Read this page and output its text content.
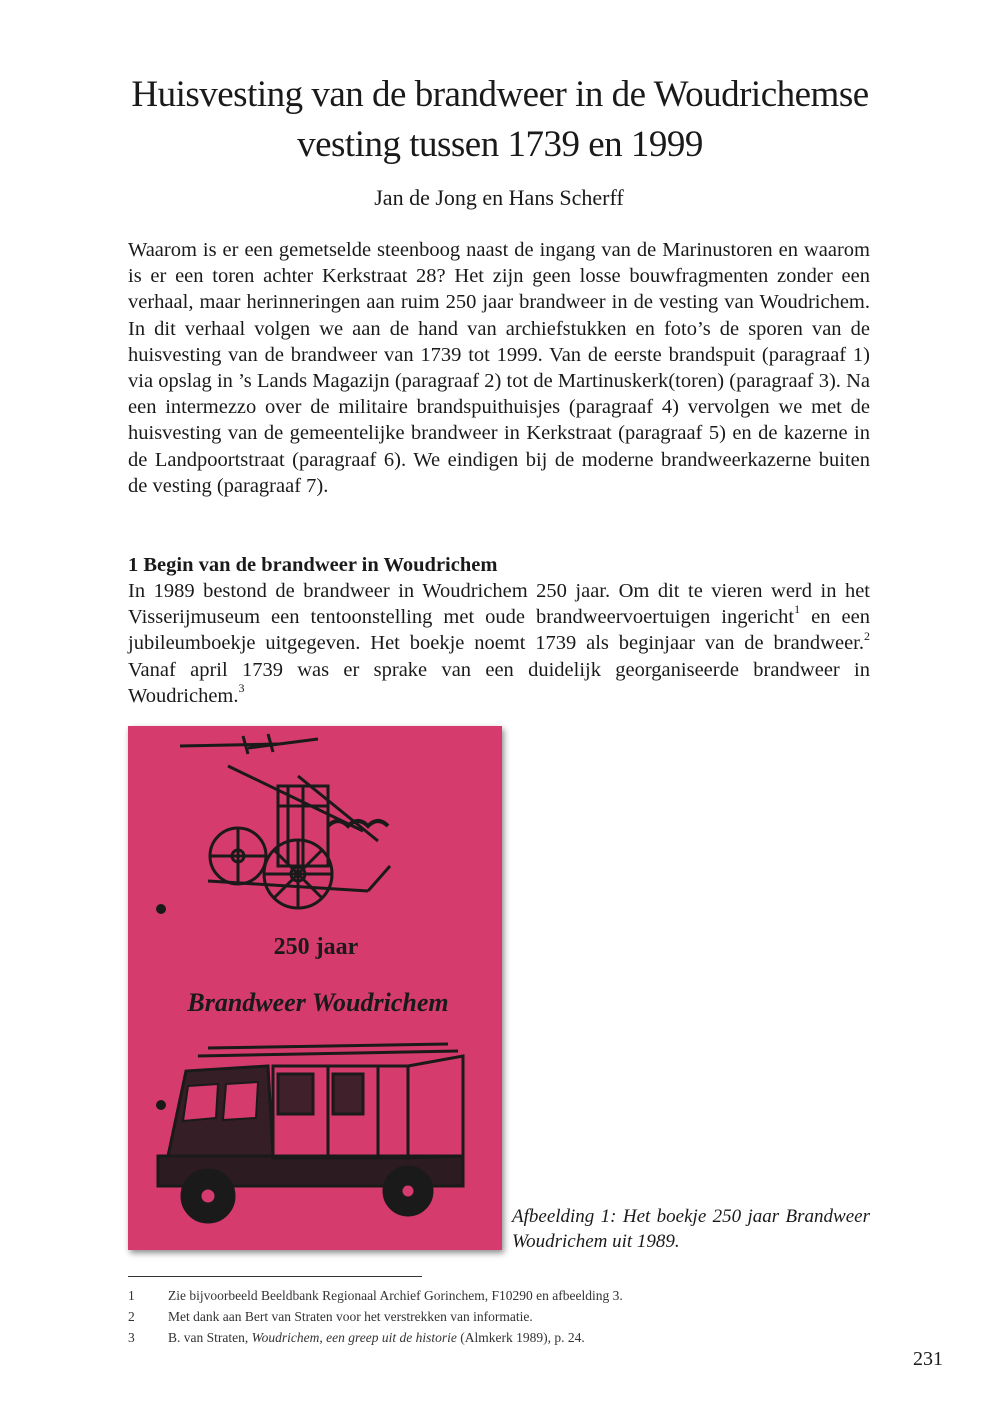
Huisvesting van de brandweer in de Woudrichemse
vesting tussen 1739 en 1999
Jan de Jong en Hans Scherff
Waarom is er een gemetselde steenboog naast de ingang van de Marinustoren en waarom is er een toren achter Kerkstraat 28? Het zijn geen losse bouwfragmenten zonder een verhaal, maar herinneringen aan ruim 250 jaar brandweer in de vesting van Woudrichem. In dit verhaal volgen we aan de hand van archiefstukken en foto’s de sporen van de huisvesting van de brandweer van 1739 tot 1999. Van de eerste brandspuit (paragraaf 1) via opslag in ’s Lands Magazijn (paragraaf 2) tot de Martinuskerk(toren) (paragraaf 3). Na een intermezzo over de militaire brandspuithuisjes (paragraaf 4) vervolgen we met de huisvesting van de gemeentelijke brandweer in Kerkstraat (paragraaf 5) en de kazerne in de Landpoortstraat (paragraaf 6). We eindigen bij de moderne brandweerkazerne buiten de vesting (paragraaf 7).
1 Begin van de brandweer in Woudrichem
In 1989 bestond de brandweer in Woudrichem 250 jaar. Om dit te vieren werd in het Visserijmuseum een tentoonstelling met oude brandweervoertuigen ingericht$^1$ en een jubileumboekje uitgegeven. Het boekje noemt 1739 als beginjaar van de brandweer.$^2$ Vanaf april 1739 was er sprake van een duidelijk georganiseerde brandweer in Woudrichem.$^3$
250 jaar
Brandweer Woudrichem
Afbeelding 1: Het boekje 250 jaar Brandweer Woudrichem uit 1989.
1	Zie bijvoorbeeld Beeldbank Regionaal Archief Gorinchem, F10290 en afbeelding 3.
2	Met dank aan Bert van Straten voor het verstrekken van informatie.
3	B. van Straten, Woudrichem, een greep uit de historie (Almkerk 1989), p. 24.
231
